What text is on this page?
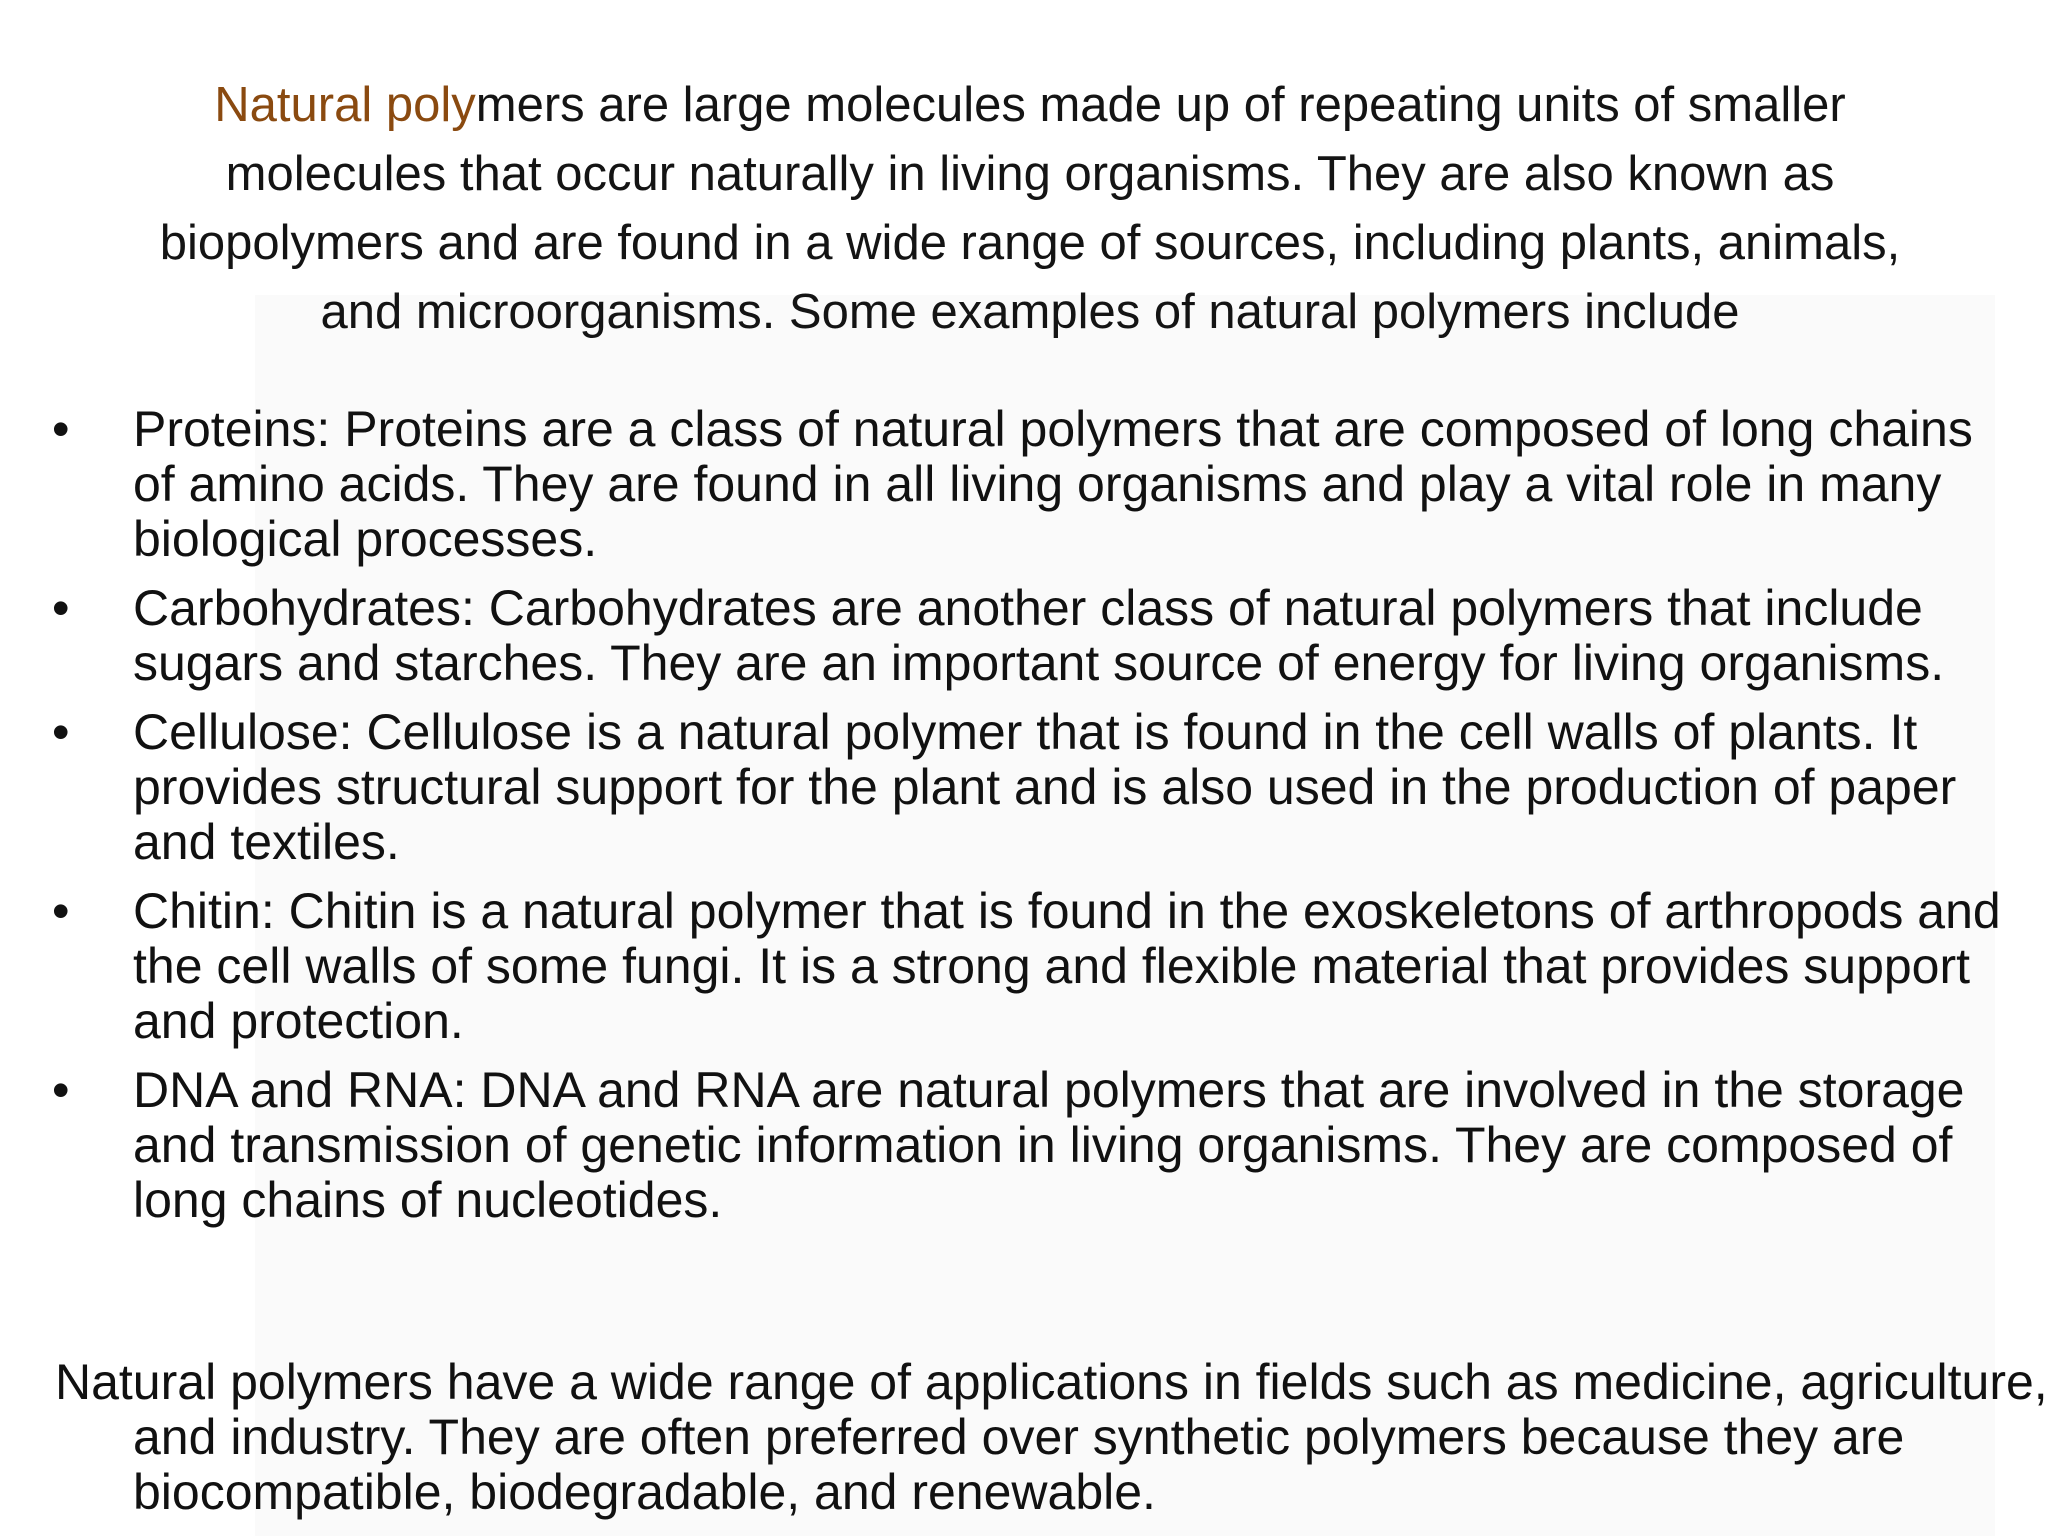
Natural polymers are large molecules made up of repeating units of smaller molecules that occur naturally in living organisms. They are also known as biopolymers and are found in a wide range of sources, including plants, animals, and microorganisms. Some examples of natural polymers include

• Proteins: Proteins are a class of natural polymers that are composed of long chains of amino acids. They are found in all living organisms and play a vital role in many biological processes.
• Carbohydrates: Carbohydrates are another class of natural polymers that include sugars and starches. They are an important source of energy for living organisms.
• Cellulose: Cellulose is a natural polymer that is found in the cell walls of plants. It provides structural support for the plant and is also used in the production of paper and textiles.
• Chitin: Chitin is a natural polymer that is found in the exoskeletons of arthropods and the cell walls of some fungi. It is a strong and flexible material that provides support and protection.
• DNA and RNA: DNA and RNA are natural polymers that are involved in the storage and transmission of genetic information in living organisms. They are composed of long chains of nucleotides.

Natural polymers have a wide range of applications in fields such as medicine, agriculture, and industry. They are often preferred over synthetic polymers because they are biocompatible, biodegradable, and renewable.
